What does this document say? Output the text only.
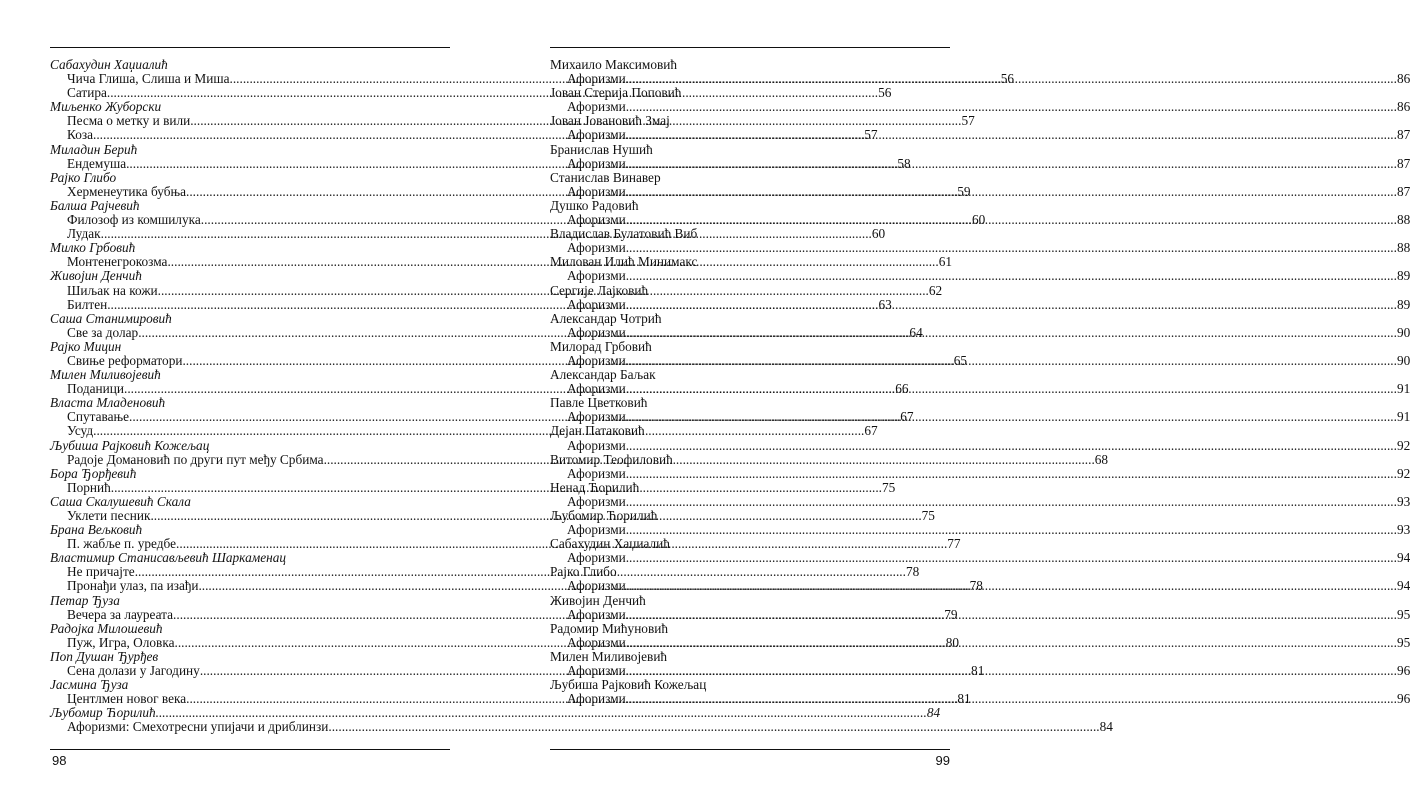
Сабахудин Хаџиалић
Чича Глиша, Слиша и Миша .....	56
Сатира .....	56
Миљенко Жуборски
Песма о метку и вили .....	57
Коза .....	57
Миладин Берић
Ендемуша .....	58
Рајко Глибо
Херменеутика бубња .....	59
Балша Рајчевић
Филозоф из комшилука .....	60
Лудак .....	60
Милко Грбовић
Монтенегрокозма .....	61
Живојин Денчић
Шиљак на кожи .....	62
Билтен .....	63
Саша Станимировић
Све за долар .....	64
Рајко Мицин
Свиње реформатори .....	65
Милен Миливојевић
Поданици .....	66
Власта Младеновић
Спутавање .....	67
Усуд .....	67
Љубиша Рајковић Кожељац
Радоје Домановић по други пут међу Србима .....	68
Бора Ђорђевић
Порнић .....	75
Саша Скалушевић Скала
Уклети песник .....	75
Брана Вељковић
П. жабље п. уредбе .....	77
Властимир Станисављевић Шаркаменац
Не причајте .....	78
Пронађи улаз, па изађи .....	78
Петар Ђуза
Вечера за лауреата .....	79
Радојка Милошевић
Пуж, Игра, Оловка .....	80
Поп Душан Ђурђев
Сена долази у Јагодину .....	81
Јасмина Ђуза
Центлмен новог века .....	81
Љубомир Ћорилић .....	84
Афоризми: Смехотресни упијачи и дриблинзи .....	84
98
Михаило Максимовић
Афоризми .....	86
Јован Стерија Поповић
Афоризми .....	86
Јован Јовановић Змај
Афоризми .....	87
Бранислав Нушић
Афоризми .....	87
Станислав Винавер
Афоризми .....	87
Душко Радовић
Афоризми .....	88
Владислав Булатовић Виб
Афоризми .....	88
Милован Илић Минимакс
Афоризми .....	89
Сергије Лајковић
Афоризми .....	89
Александар Чотрић
Афоризми .....	90
Милорад Грбовић
Афоризми .....	90
Александар Баљак
Афоризми .....	91
Павле Цветковић
Афоризми .....	91
Дејан Патаковић
Афоризми .....	92
Витомир Теофиловић
Афоризми .....	92
Ненад Ћорилић
Афоризми .....	93
Љубомир Ћорилић
Афоризми .....	93
Сабахудин Хаџиалић
Афоризми .....	94
Рајко Глибо
Афоризми .....	94
Живојин Денчић
Афоризми .....	95
Радомир Мићуновић
Афоризми .....	95
Милен Миливојевић
Афоризми .....	96
Љубиша Рајковић Кожељац
Афоризми .....	96
99
